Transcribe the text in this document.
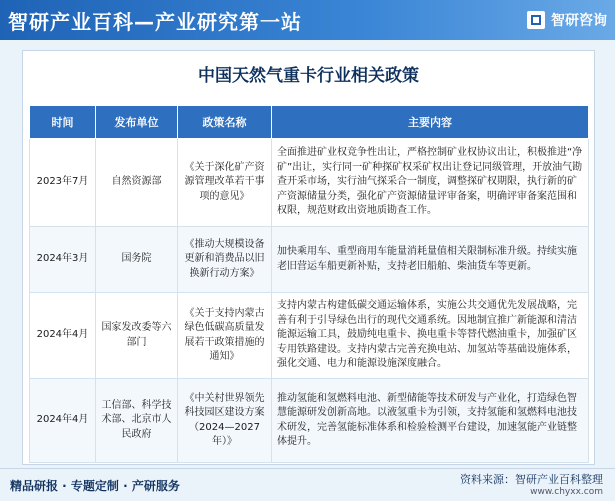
智研产业百科—产业研究第一站	智研咨询
中国天然气重卡行业相关政策
时间	发布单位	政策名称	主要内容
2023年7月	自然资源部	《关于深化矿产资源管理改革若干事项的意见》	全面推进矿业权竞争性出让，严格控制矿业权协议出让，积极推进“净矿”出让，实行同一矿种探矿权采矿权出让登记同级管理，开放油气勘查开采市场，实行油气探采合一制度，调整探矿权期限，执行新的矿产资源储量分类，强化矿产资源储量评审备案，明确评审备案范围和权限，规范财政出资地质勘查工作。
2024年3月	国务院	《推动大规模设备更新和消费品以旧换新行动方案》	加快乘用车、重型商用车能量消耗量值相关限制标准升级。持续实施老旧营运车船更新补贴，支持老旧船舶、柴油货车等更新。
2024年4月	国家发改委等六部门	《关于支持内蒙古绿色低碳高质量发展若干政策措施的通知》	支持内蒙古构建低碳交通运输体系，实施公共交通优先发展战略，完善有利于引导绿色出行的现代交通系统。因地制宜推广新能源和清洁能源运输工具，鼓励纯电重卡、换电重卡等替代燃油重卡，加强矿区专用铁路建设。支持内蒙古完善充换电站、加氢站等基础设施体系，强化交通、电力和能源设施深度融合。
2024年4月	工信部、科学技术部、北京市人民政府	《中关村世界领先科技园区建设方案（2024—2027年）》	推动氢能和氢燃料电池、新型储能等技术研发与产业化，打造绿色智慧能源研发创新高地。以液氢重卡为引领，支持氢能和氢燃料电池技术研发，完善氢能标准体系和检验检测平台建设，加速氢能产业链整体提升。
精品研报 · 专题定制 · 产研服务	资料来源：智研产业百科整理
www.chyxx.com
